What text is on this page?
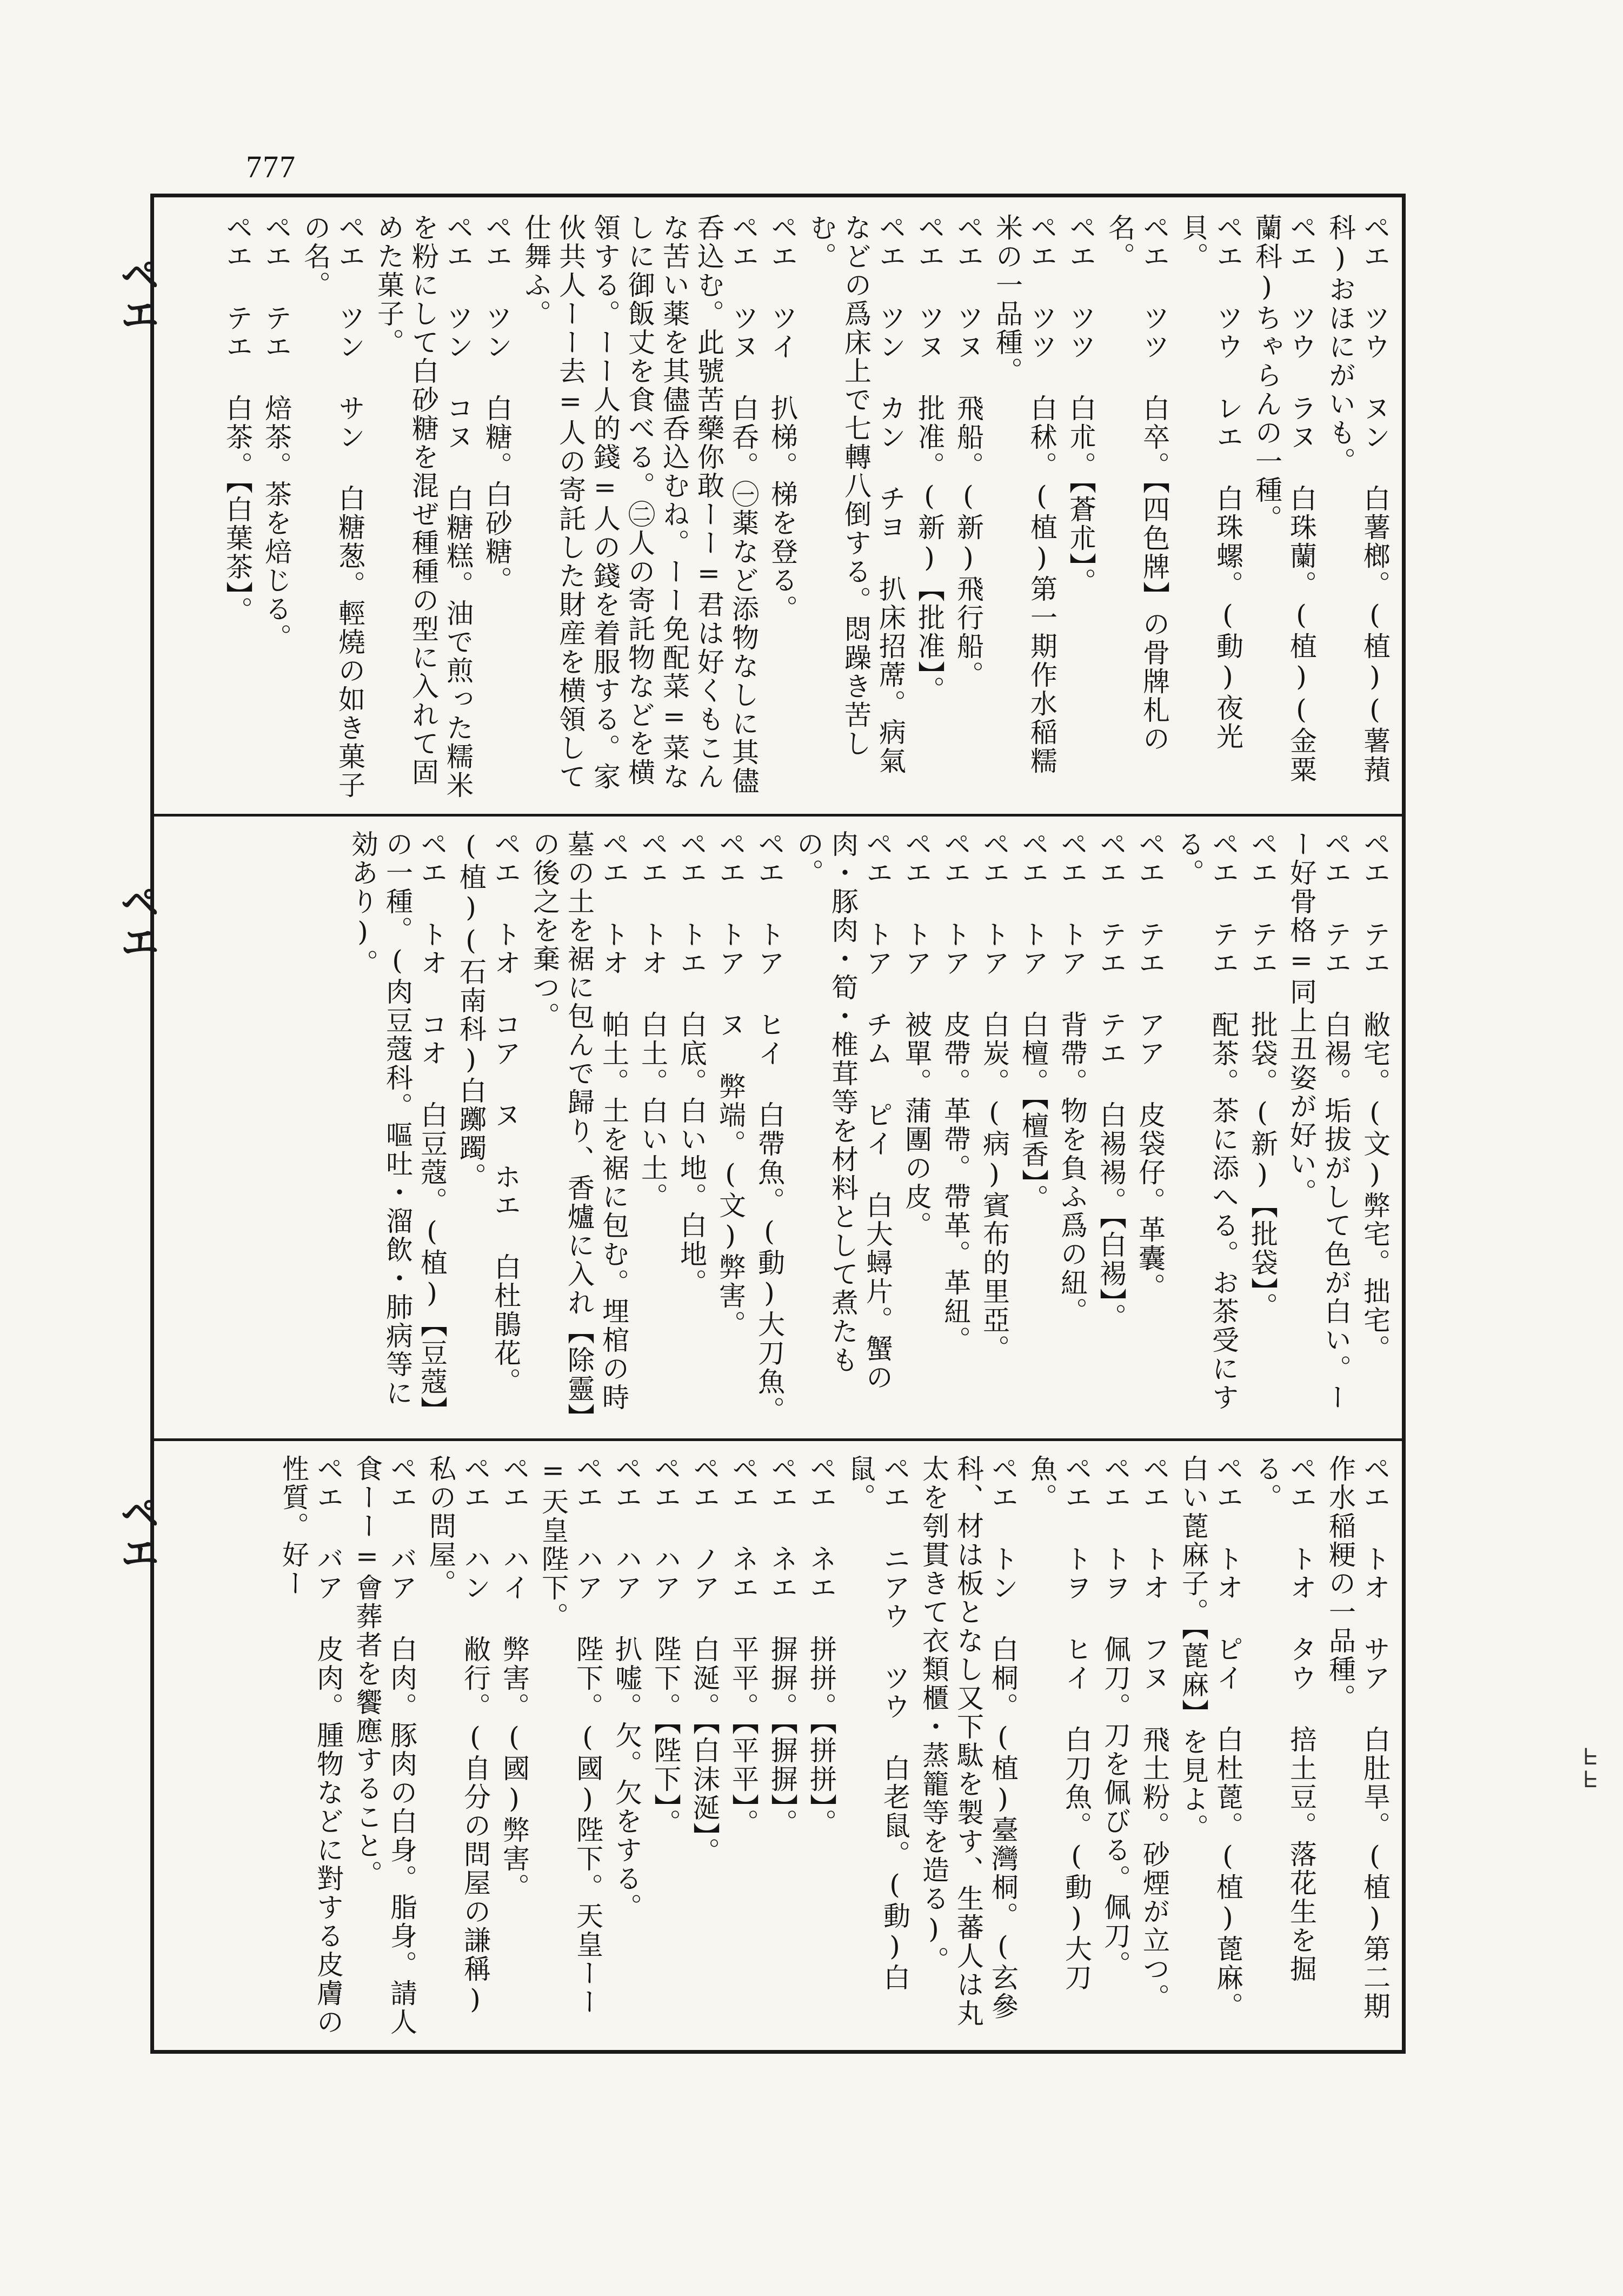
777
ペエ
ペエ
ペエ
ᖶᖶ
ペエ ツウ ヌン 白薯榔。(植)(薯蕷科)おほにがいも。
ペエ ツウ ラヌ 白珠蘭。(植)(金粟蘭科)ちゃらんの一種。
ペエ ツウ レエ 白珠螺。(動)夜光貝。
ペエ ツツ 白卒。【四色牌】の骨牌札の名。
ペエ ツツ 白朮。【蒼朮】。
ペエ ツツ 白秫。(植)第一期作水稲糯米の一品種。
ペエ ツヌ 飛船。(新)飛行船。
ペエ ツヌ 批准。(新)【批准】。
ペエ ツン カン チヨ 扒床招蓆。病氣などの爲床上で七轉八倒する。悶躁き苦しむ。
ペエ ツイ 扒梯。梯を登る。
ペエ ツヌ 白呑。㊀薬など添物なしに其儘呑込む。此號苦藥你敢ーー=君は好くもこんな苦い薬を其儘呑込むね。ーー免配菜=菜なしに御飯丈を食べる。㊁人の寄託物などを横領する。ーー人的錢=人の錢を着服する。家伙共人ーー去=人の寄託した財産を横領して仕舞ふ。
ペエ ツン 白糖。白砂糖。
ペエ ツン コヌ 白糖糕。油で煎った糯米を粉にして白砂糖を混ぜ種種の型に入れて固めた菓子。
ペエ ツン サン 白糖葱。輕燒の如き菓子の名。
ペエ テエ 焙茶。茶を焙じる。
ペエ テエ 白茶。【白葉茶】。
ペエ テエ 敝宅。(文)弊宅。拙宅。
ペエ テエ 白裼。垢拔がして色が白い。ーー好骨格=同上丑姿が好い。
ペエ テエ 批袋。(新)【批袋】。
ペエ テエ 配茶。茶に添へる。お茶受にする。
ペエ テエ アア 皮袋仔。革囊。
ペエ テエ テエ 白裼裼。【白裼】。
ペエ トア 背帶。物を負ふ爲の紐。
ペエ トア 白檀。【檀香】。
ペエ トア 白炭。(病)賓布的里亞。
ペエ トア 皮帶。革帶。帶革。革紐。
ペエ トア 被單。蒲團の皮。
ペエ トア チム ピイ 白大蟳片。蟹の肉・豚肉・筍・椎茸等を材料として煮たもの。
ペエ トア ヒイ 白帶魚。(動)大刀魚。
ペエ トア ヌ 弊端。(文)弊害。
ペエ トエ 白底。白い地。白地。
ペエ トオ 白土。白い土。
ペエ トオ 帕土。土を裾に包む。埋棺の時墓の土を裾に包んで歸り、香爐に入れ【除靈】の後之を棄つ。
ペエ トオ コア ヌ ホエ 白杜鵑花。(植)(石南科)白躑躅。
ペエ トオ コオ 白豆蔻。(植)【豆蔻】の一種。(肉豆蔻科。嘔吐・溜飲・肺病等に効あり)。
ペエ トオ サア 白肚旱。(植)第二期作水稲粳の一品種。
ペエ トオ タウ 掊土豆。落花生を掘る。
ペエ トオ ピイ 白杜蓖。(植)蓖麻。白い蓖麻子。【蓖麻】を見よ。
ペエ トオ フヌ 飛土粉。砂煙が立つ。
ペエ トヲ 佩刀。刀を佩びる。佩刀。
ペエ トヲ ヒイ 白刀魚。(動)大刀魚。
ペエ トン 白桐。(植)臺灣桐。(玄參科、材は板となし又下駄を製す、生蕃人は丸太を刳貫きて衣類櫃・蒸籠等を造る)。
ペエ ニアウ ツウ 白老鼠。(動)白鼠。
ペエ ネエ 拼拼。【拼拼】。
ペエ ネエ 摒摒。【摒摒】。
ペエ ネエ 平平。【平平】。
ペエ ノア 白涎。【白沫涎】。
ペエ ハア 陛下。【陛下】。
ペエ ハア 扒嘘。欠。欠をする。
ペエ ハア 陛下。(國)陛下。天皇ーー=天皇陛下。
ペエ ハイ 弊害。(國)弊害。
ペエ ハン 敝行。(自分の問屋の謙稱)私の問屋。
ペエ バア 白肉。豚肉の白身。脂身。請人食ーー=會葬者を饗應すること。
ペエ バア 皮肉。腫物などに對する皮膚の性質。好ー
